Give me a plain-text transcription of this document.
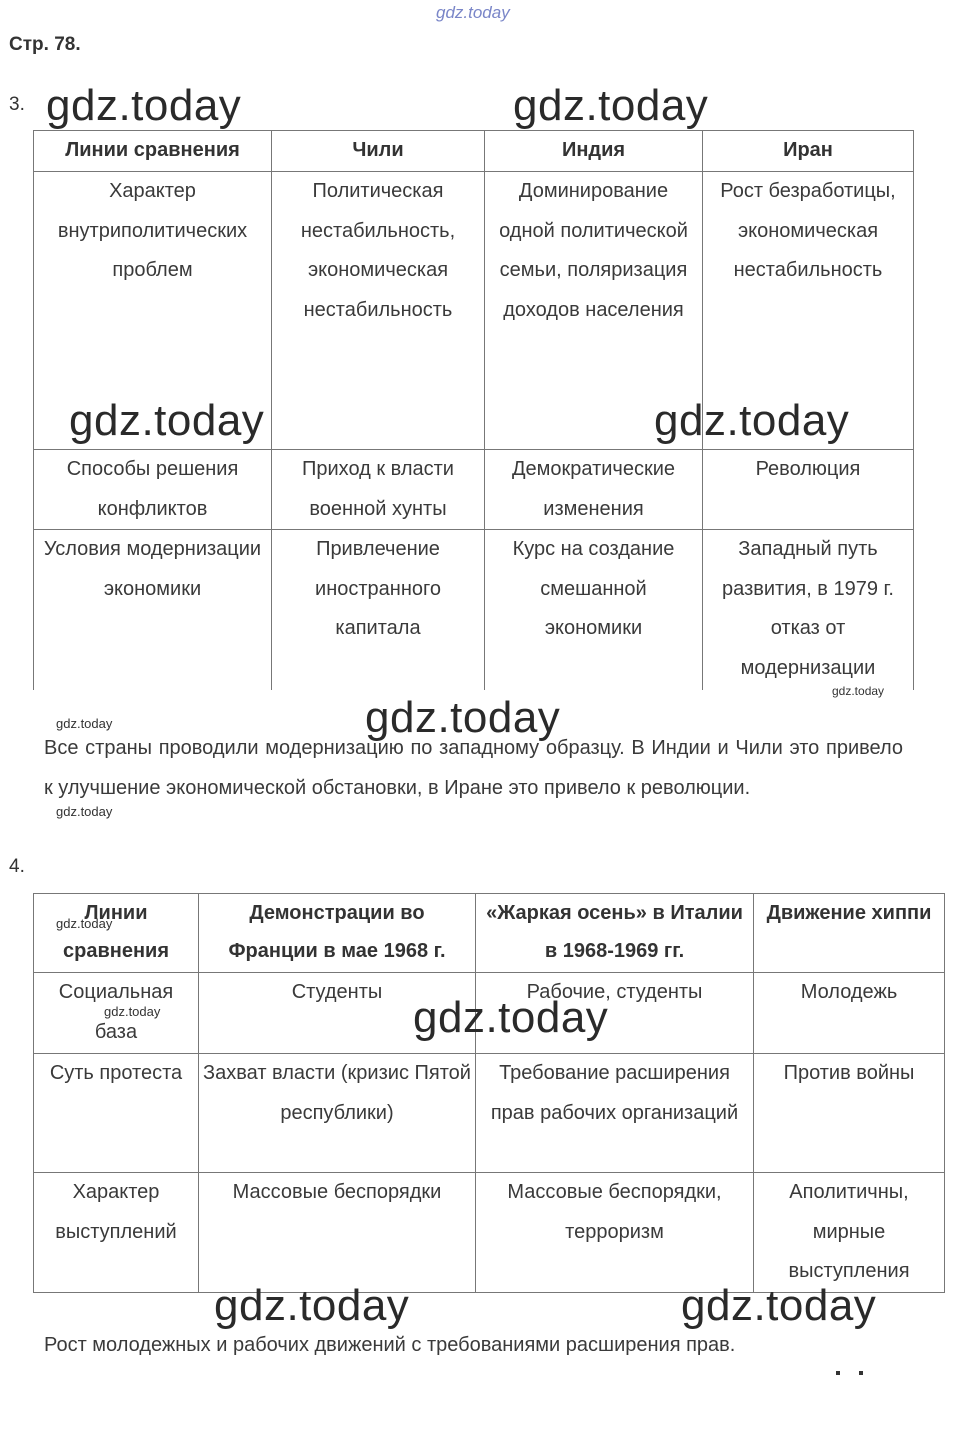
gdz.today
Стр. 78.
3.
Линии сравнения	Чили	Индия	Иран
Характер внутриполитических проблем	Политическая нестабильность, экономическая нестабильность	Доминирование одной политической семьи, поляризация доходов населения	Рост безработицы, экономическая нестабильность
Способы решения конфликтов	Приход к власти военной хунты	Демократические изменения	Революция
Условия модернизации экономики	Привлечение иностранного капитала	Курс на создание смешанной экономики	Западный путь развития, в 1979 г. отказ от модернизации
Все страны проводили модернизацию по западному образцу. В Индии и Чили это привело к улучшение экономической обстановки, в Иране это привело к революции.
4.
Линии сравнения	Демонстрации во Франции в мае 1968 г.	«Жаркая осень» в Италии в 1968-1969 гг.	Движение хиппи
Социальная база	Студенты	Рабочие, студенты	Молодежь
Суть протеста	Захват власти (кризис Пятой республики)	Требование расширения прав рабочих организаций	Против войны
Характер выступлений	Массовые беспорядки	Массовые беспорядки, терроризм	Аполитичны, мирные выступления
Рост молодежных и рабочих движений с требованиями расширения прав.
gdz.today	gdz.today
gdz.today	gdz.today
gdz.today
gdz.today
gdz.today	gdz.today
gdz.today
gdz.today
gdz.today
gdz.today
gdz.today
